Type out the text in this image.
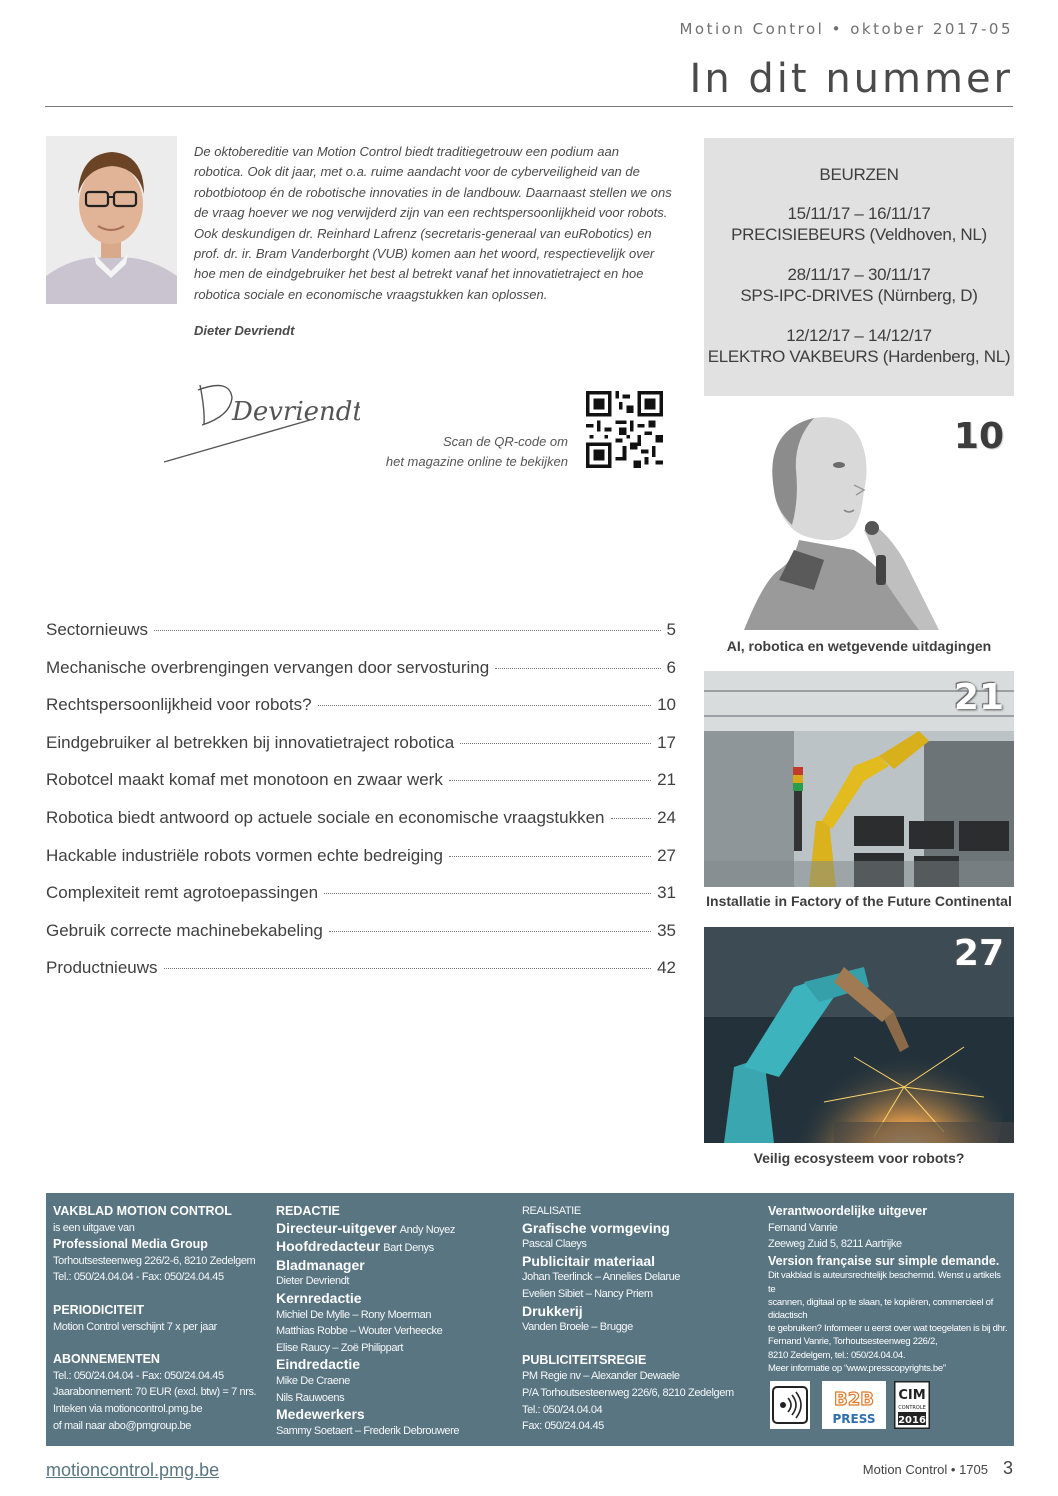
Motion Control • oktober 2017-05
In dit nummer

De oktobereditie van Motion Control biedt traditiegetrouw een podium aan robotica. Ook dit jaar, met o.a. ruime aandacht voor de cyberveiligheid van de robotbiotoop én de robotische innovaties in de landbouw. Daarnaast stellen we ons de vraag hoever we nog verwijderd zijn van een rechtspersoonlijkheid voor robots. Ook deskundigen dr. Reinhard Lafrenz (secretaris-generaal van euRobotics) en prof. dr. ir. Bram Vanderborght (VUB) komen aan het woord, respectievelijk over hoe men de eindgebruiker het best al betrekt vanaf het innovatietraject en hoe robotica sociale en economische vraagstukken kan oplossen.

Dieter Devriendt
Devriendt
Scan de QR-code om
het magazine online te bekijken
BEURZEN
15/11/17 – 16/11/17
PRECISIEBEURS (Veldhoven, NL)
28/11/17 – 30/11/17
SPS-IPC-DRIVES (Nürnberg, D)
12/12/17 – 14/12/17
ELEKTRO VAKBEURS (Hardenberg, NL)
10
AI, robotica en wetgevende uitdagingen
21
Installatie in Factory of the Future Continental
27
Veilig ecosysteem voor robots?
Sectornieuws	5
Mechanische overbrengingen vervangen door servosturing	6
Rechtspersoonlijkheid voor robots?	10
Eindgebruiker al betrekken bij innovatietraject robotica	17
Robotcel maakt komaf met monotoon en zwaar werk	21
Robotica biedt antwoord op actuele sociale en economische vraagstukken	24
Hackable industriële robots vormen echte bedreiging	27
Complexiteit remt agrotoepassingen	31
Gebruik correcte machinebekabeling	35
Productnieuws	42
VAKBLAD MOTION CONTROL
is een uitgave van
Professional Media Group
Torhoutsesteenweg 226/2-6, 8210 Zedelgem
Tel.: 050/24.04.04 - Fax: 050/24.04.45
PERIODICITEIT
Motion Control verschijnt 7 x per jaar
ABONNEMENTEN
Tel.: 050/24.04.04 - Fax: 050/24.04.45
Jaarabonnement: 70 EUR (excl. btw) = 7 nrs.
Inteken via motioncontrol.pmg.be
of mail naar abo@pmgroup.be
REDACTIE
Directeur-uitgever Andy Noyez
Hoofdredacteur Bart Denys
Bladmanager
Dieter Devriendt
Kernredactie
Michiel De Mylle – Rony Moerman
Matthias Robbe – Wouter Verheecke
Elise Raucy – Zoë Philippart
Eindredactie
Mike De Craene
Nils Rauwoens
Medewerkers
Sammy Soetaert – Frederik Debrouwere
REALISATIE
Grafische vormgeving
Pascal Claeys
Publicitair materiaal
Johan Teerlinck – Annelies Delarue
Evelien Sibiet – Nancy Priem
Drukkerij
Vanden Broele – Brugge
PUBLICITEITSREGIE
PM Regie nv – Alexander Dewaele
P/A Torhoutsesteenweg 226/6, 8210 Zedelgem
Tel.: 050/24.04.04
Fax: 050/24.04.45
Verantwoordelijke uitgever
Fernand Vanrie
Zeeweg Zuid 5, 8211 Aartrijke
Version française sur simple demande.
Dit vakblad is auteursrechtelijk beschermd. Wenst u artikels te
scannen, digitaal op te slaan, te kopiëren, commercieel of didactisch
te gebruiken? Informeer u eerst over wat toegelaten is bij dhr.
Fernand Vanrie, Torhoutsesteenweg 226/2,
8210 Zedelgem, tel.: 050/24.04.04.
Meer informatie op “www.presscopyrights.be”
B2B
PRESS
CIM
CONTROLE
2016
motioncontrol.pmg.be	Motion Control • 1705 3
